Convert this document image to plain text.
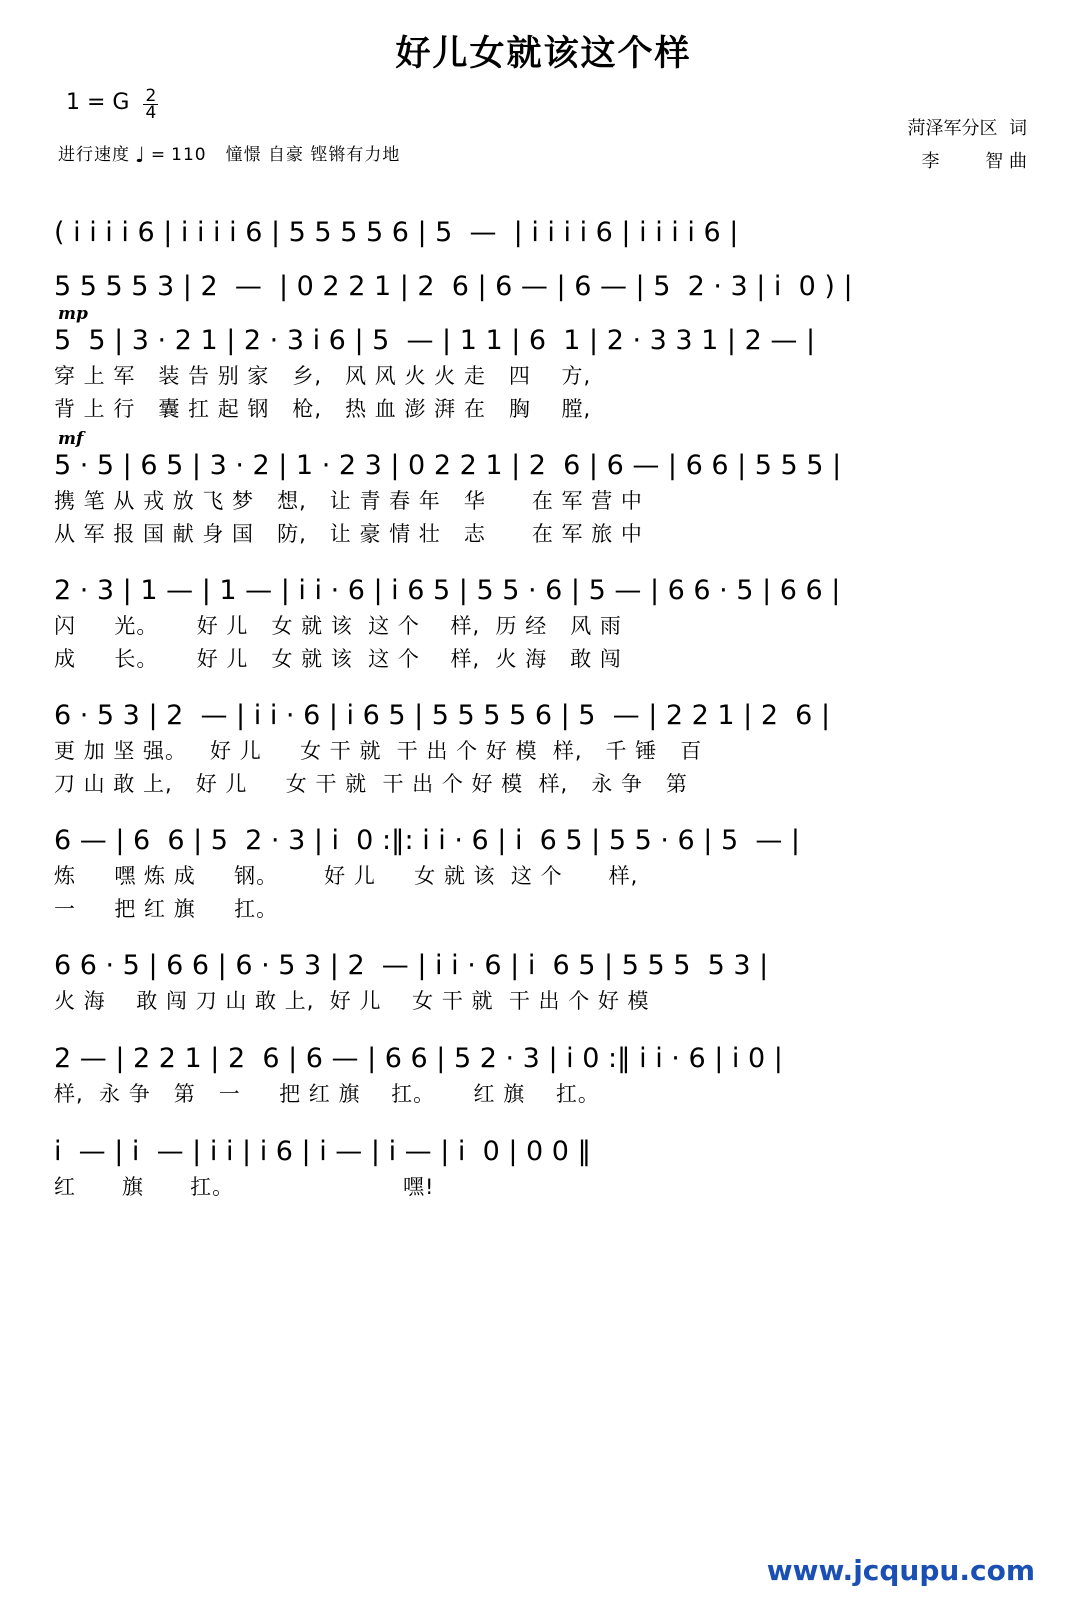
好儿女就该这个样
1 = G $\frac{2}{4}$
进行速度 ♩ = 110 憧憬 自豪 铿锵有力地
菏泽军分区  词
李        智 曲
( i i i i 6 | i i i i 6 | 5 5 5 5 6 | 5  —  | i i i i 6 | i i i i 6 |
5 5 5 5 3 | 2  —  | 0 2 2 1 | 2  6 | 6 — | 6 — | 5  2 · 3 | i  0 ) |
mp
5  5 | 3 · 2 1 | 2 · 3 i 6 | 5  — | 1 1 | 6  1 | 2 · 3 3 1 | 2 — |
穿 上 军   装 告 别 家   乡,   风 风 火 火 走   四    方,
背 上 行   囊 扛 起 钢   枪,   热 血 澎 湃 在   胸    膛,
mf
5 · 5 | 6 5 | 3 · 2 | 1 · 2 3 | 0 2 2 1 | 2  6 | 6 — | 6 6 | 5 5 5 |
携 笔 从 戎 放 飞 梦   想,   让 青 春 年   华      在 军 营 中
从 军 报 国 献 身 国   防,   让 豪 情 壮   志      在 军 旅 中
2 · 3 | 1 — | 1 — | i i · 6 | i 6 5 | 5 5 · 6 | 5 — | 6 6 · 5 | 6 6 |
闪     光。     好 儿   女 就 该  这 个    样,  历 经   风 雨
成     长。     好 儿   女 就 该  这 个    样,  火 海   敢 闯
6 · 5 3 | 2  — | i i · 6 | i 6 5 | 5 5 5 5 6 | 5  — | 2 2 1 | 2  6 |
更 加 坚 强。   好 儿     女 干 就  干 出 个 好 模  样,   千 锤   百
刀 山 敢 上,   好 儿     女 干 就  干 出 个 好 模  样,   永 争   第
6 — | 6  6 | 5  2 · 3 | i  0 :‖: i i · 6 | i  6 5 | 5 5 · 6 | 5  — |
炼     嘿 炼 成     钢。      好 儿     女 就 该  这 个      样,
一     把 红 旗     扛。
6 6 · 5 | 6 6 | 6 · 5 3 | 2  — | i i · 6 | i  6 5 | 5 5 5  5 3 |
火 海    敢 闯 刀 山 敢 上,  好 儿    女 干 就  干 出 个 好 模
2 — | 2 2 1 | 2  6 | 6 — | 6 6 | 5 2 · 3 | i 0 :‖ i i · 6 | i 0 |
样,  永 争   第   一     把 红 旗    扛。     红 旗    扛。
i  — | i  — | i i | i 6 | i — | i — | i  0 | 0 0 ‖
红      旗      扛。                      嘿!
www.jcqupu.com
